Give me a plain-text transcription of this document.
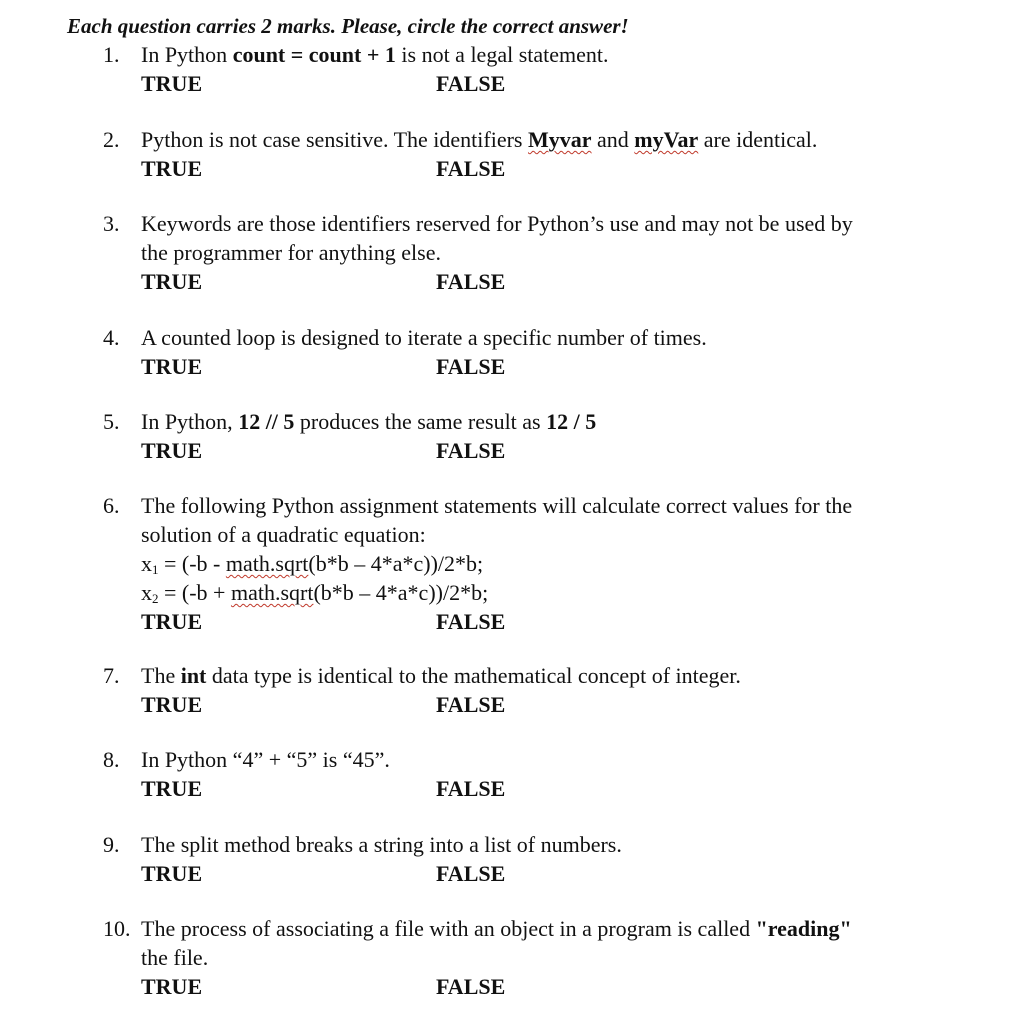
Each question carries 2 marks. Please, circle the correct answer!
1. In Python count = count + 1 is not a legal statement.
TRUE	FALSE
2. Python is not case sensitive. The identifiers Myvar and myVar are identical.
TRUE	FALSE
3. Keywords are those identifiers reserved for Python’s use and may not be used by
the programmer for anything else.
TRUE	FALSE
4. A counted loop is designed to iterate a specific number of times.
TRUE	FALSE
5. In Python, 12 // 5 produces the same result as 12 / 5
TRUE	FALSE
6. The following Python assignment statements will calculate correct values for the
solution of a quadratic equation:
$x_1 = (-b$ - math.sqrt(b*b – 4*a*c))/2*b;
$x_2 = (-b$ + math.sqrt(b*b – 4*a*c))/2*b;
TRUE	FALSE
7. The int data type is identical to the mathematical concept of integer.
TRUE	FALSE
8. In Python “4” + “5” is “45”.
TRUE	FALSE
9. The split method breaks a string into a list of numbers.
TRUE	FALSE
10. The process of associating a file with an object in a program is called "reading"
the file.
TRUE	FALSE
